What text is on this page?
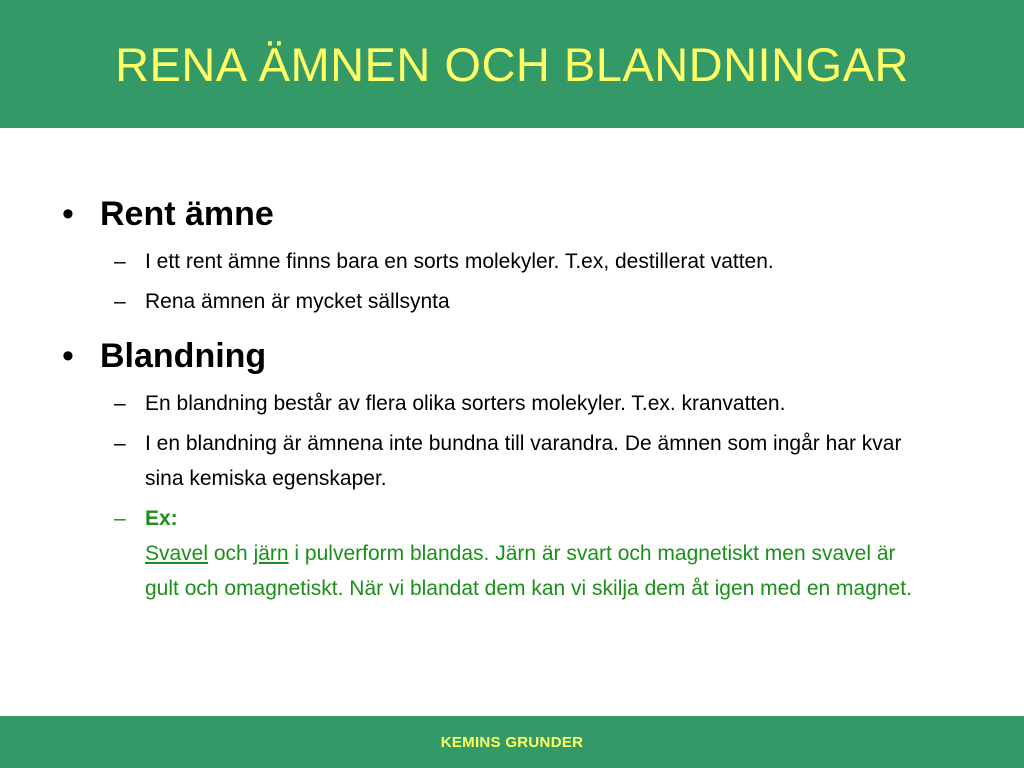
RENA ÄMNEN OCH BLANDNINGAR
• Rent ämne
– I ett rent ämne finns bara en sorts molekyler. T.ex, destillerat vatten.
– Rena ämnen är mycket sällsynta
• Blandning
– En blandning består av flera olika sorters molekyler. T.ex. kranvatten.
– I en blandning är ämnena inte bundna till varandra. De ämnen som ingår har kvar sina kemiska egenskaper.
– Ex:
Svavel och järn i pulverform blandas. Järn är svart och magnetiskt men svavel är gult och omagnetiskt. När vi blandat dem kan vi skilja dem åt igen med en magnet.
KEMINS GRUNDER
